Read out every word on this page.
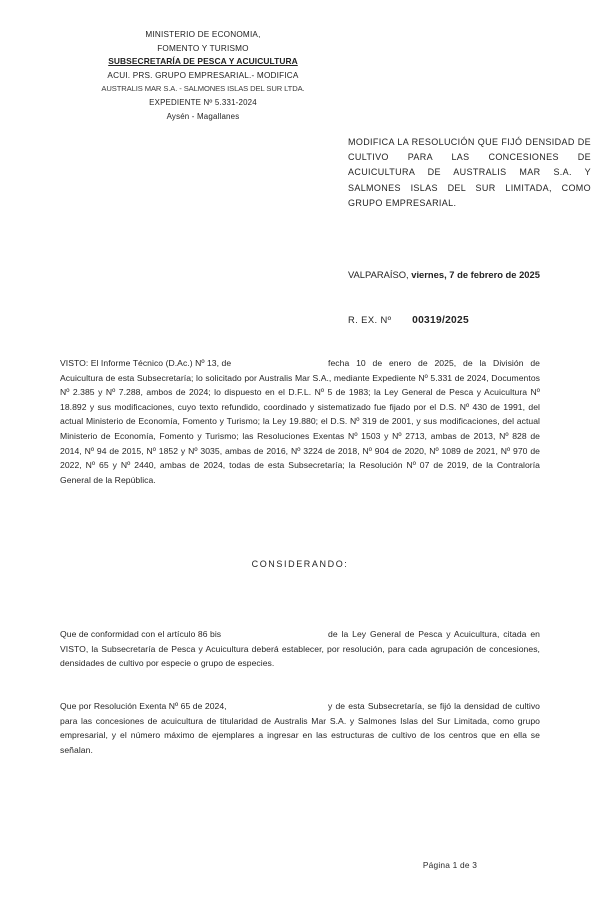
MINISTERIO DE ECONOMIA,
FOMENTO Y TURISMO
SUBSECRETARÍA DE PESCA Y ACUICULTURA
ACUI. PRS. GRUPO EMPRESARIAL.- MODIFICA
AUSTRALIS MAR S.A. - SALMONES ISLAS DEL SUR LTDA.
EXPEDIENTE Nº 5.331-2024
Aysén - Magallanes
MODIFICA LA RESOLUCIÓN QUE FIJÓ DENSIDAD DE CULTIVO PARA LAS CONCESIONES DE ACUICULTURA DE AUSTRALIS MAR S.A. Y SALMONES ISLAS DEL SUR LIMITADA, COMO GRUPO EMPRESARIAL.
VALPARAÍSO, viernes, 7 de febrero de 2025
R. EX. Nº 00319/2025
VISTO: El Informe Técnico (D.Ac.) Nº 13, de	fecha 10 de enero de 2025, de la División de Acuicultura de esta Subsecretaría; lo solicitado por Australis Mar S.A., mediante Expediente Nº 5.331 de 2024, Documentos Nº 2.385 y Nº 7.288, ambos de 2024; lo dispuesto en el D.F.L. Nº 5 de 1983; la Ley General de Pesca y Acuicultura Nº 18.892 y sus modificaciones, cuyo texto refundido, coordinado y sistematizado fue fijado por el D.S. Nº 430 de 1991, del actual Ministerio de Economía, Fomento y Turismo; la Ley 19.880; el D.S. Nº 319 de 2001, y sus modificaciones, del actual Ministerio de Economía, Fomento y Turismo; las Resoluciones Exentas Nº 1503 y Nº 2713, ambas de 2013, Nº 828 de 2014, Nº 94 de 2015, Nº 1852 y Nº 3035, ambas de 2016, Nº 3224 de 2018, Nº 904 de 2020, Nº 1089 de 2021, Nº 970 de 2022, Nº 65 y Nº 2440, ambas de 2024, todas de esta Subsecretaría; la Resolución Nº 07 de 2019, de la Contraloría General de la República.
CONSIDERANDO:
Que de conformidad con el artículo 86 bis	de la Ley General de Pesca y Acuicultura, citada en VISTO, la Subsecretaría de Pesca y Acuicultura deberá establecer, por resolución, para cada agrupación de concesiones, densidades de cultivo por especie o grupo de especies.
Que por Resolución Exenta Nº 65 de 2024,	y de esta Subsecretaría, se fijó la densidad de cultivo para las concesiones de acuicultura de titularidad de Australis Mar S.A. y Salmones Islas del Sur Limitada, como grupo empresarial, y el número máximo de ejemplares a ingresar en las estructuras de cultivo de los centros que en ella se señalan.
Página 1 de 3
